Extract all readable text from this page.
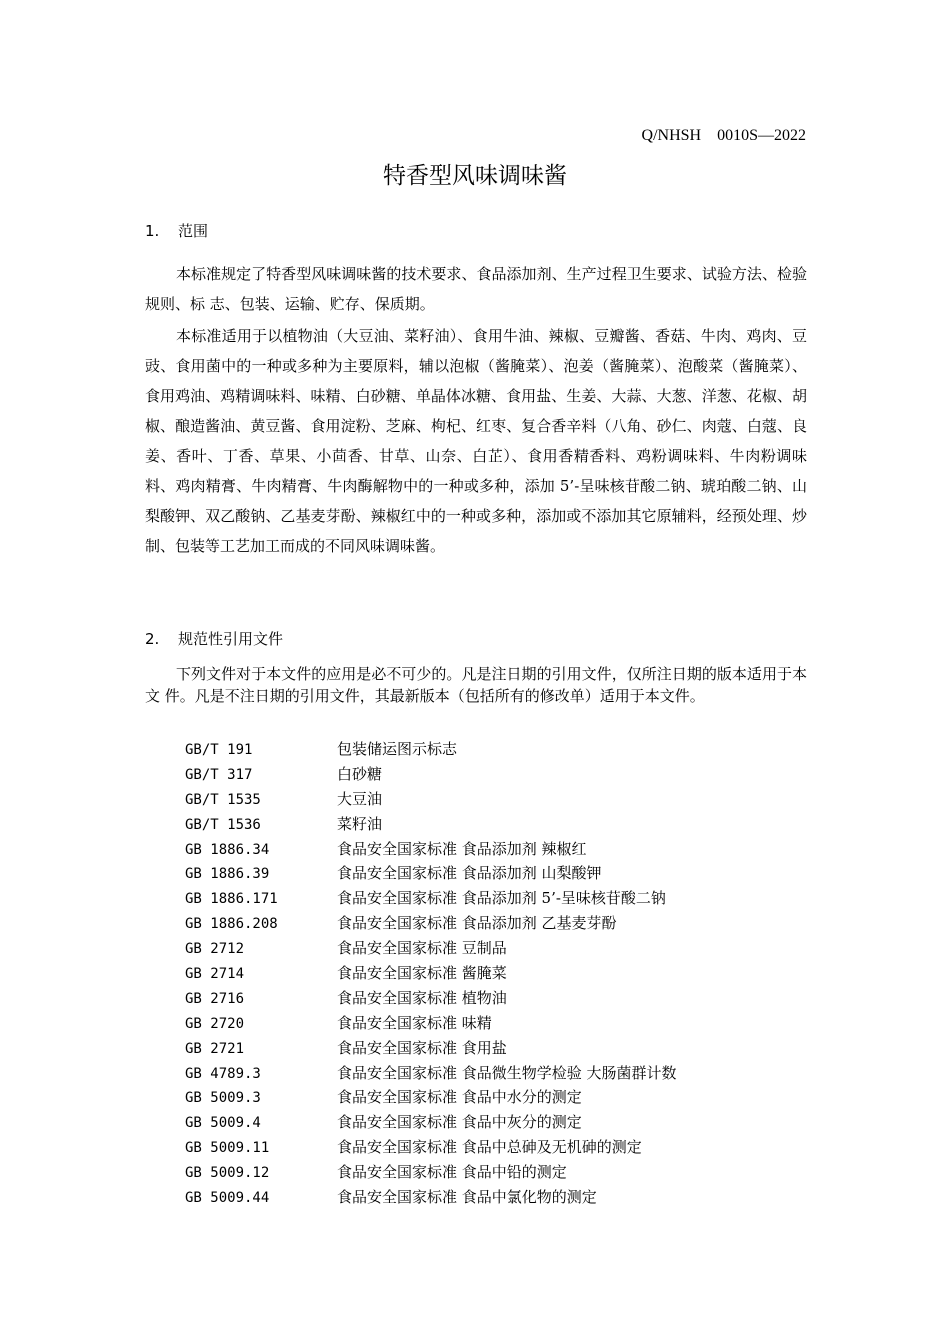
Q/NHSH    0010S—2022
特香型风味调味酱
1. 范围

本标准规定了特香型风味调味酱的技术要求、食品添加剂、生产过程卫生要求、试验方法、检验规则、标 志、包装、运输、贮存、保质期。

本标准适用于以植物油（大豆油、菜籽油）、食用牛油、辣椒、豆瓣酱、香菇、牛肉、鸡肉、豆豉、食用菌中的一种或多种为主要原料，辅以泡椒（酱腌菜）、泡姜（酱腌菜）、泡酸菜（酱腌菜）、食用鸡油、鸡精调味料、味精、白砂糖、单晶体冰糖、食用盐、生姜、大蒜、大葱、洋葱、花椒、胡椒、酿造酱油、黄豆酱、食用淀粉、芝麻、枸杞、红枣、复合香辛料（八角、砂仁、肉蔻、白蔻、良姜、香叶、丁香、草果、小茴香、甘草、山奈、白芷）、食用香精香料、鸡粉调味料、牛肉粉调味料、鸡肉精膏、牛肉精膏、牛肉酶解物中的一种或多种，添加 5’-呈味核苷酸二钠、琥珀酸二钠、山梨酸钾、双乙酸钠、乙基麦芽酚、辣椒红中的一种或多种，添加或不添加其它原辅料，经预处理、炒制、包装等工艺加工而成的不同风味调味酱。

2. 规范性引用文件

下列文件对于本文件的应用是必不可少的。凡是注日期的引用文件，仅所注日期的版本适用于本文 件。凡是不注日期的引用文件，其最新版本（包括所有的修改单）适用于本文件。

GB/T 191	包装储运图示标志
GB/T 317	白砂糖
GB/T 1535	大豆油
GB/T 1536	菜籽油
GB 1886.34	食品安全国家标准 食品添加剂 辣椒红
GB 1886.39	食品安全国家标准 食品添加剂 山梨酸钾
GB 1886.171	食品安全国家标准 食品添加剂 5’-呈味核苷酸二钠
GB 1886.208	食品安全国家标准 食品添加剂 乙基麦芽酚
GB 2712	食品安全国家标准 豆制品
GB 2714	食品安全国家标准 酱腌菜
GB 2716	食品安全国家标准 植物油
GB 2720	食品安全国家标准 味精
GB 2721	食品安全国家标准 食用盐
GB 4789.3	食品安全国家标准 食品微生物学检验 大肠菌群计数
GB 5009.3	食品安全国家标准 食品中水分的测定
GB 5009.4	食品安全国家标准 食品中灰分的测定
GB 5009.11	食品安全国家标准 食品中总砷及无机砷的测定
GB 5009.12	食品安全国家标准 食品中铅的测定
GB 5009.44	食品安全国家标准 食品中氯化物的测定
